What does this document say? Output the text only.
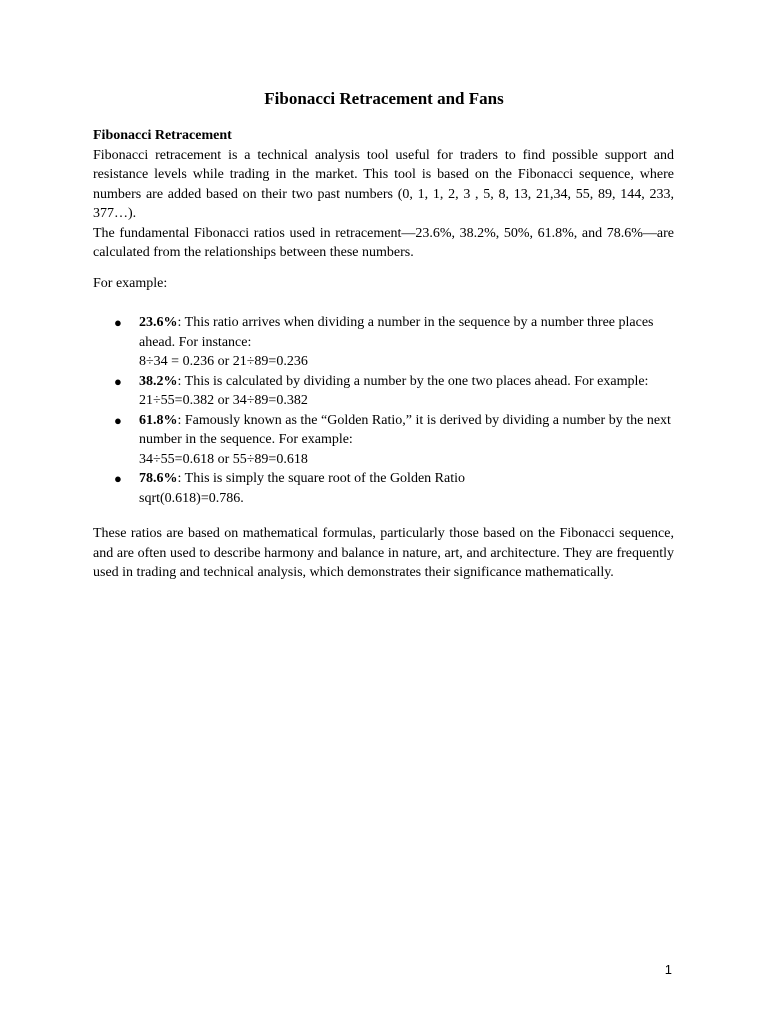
Fibonacci Retracement and Fans

Fibonacci Retracement

Fibonacci retracement is a technical analysis tool useful for traders to find possible support and resistance levels while trading in the market. This tool is based on the Fibonacci sequence, where numbers are added based on their two past numbers (0, 1, 1, 2, 3 , 5, 8, 13, 21,34, 55, 89, 144, 233, 377…).

The fundamental Fibonacci ratios used in retracement—23.6%, 38.2%, 50%, 61.8%, and 78.6%—are calculated from the relationships between these numbers.

For example:

● 23.6%: This ratio arrives when dividing a number in the sequence by a number three places ahead. For instance:
8÷34 = 0.236 or 21÷89=0.236
● 38.2%: This is calculated by dividing a number by the one two places ahead. For example:
21÷55=0.382 or 34÷89=0.382
● 61.8%: Famously known as the “Golden Ratio,” it is derived by dividing a number by the next number in the sequence. For example:
34÷55=0.618 or 55÷89=0.618
● 78.6%: This is simply the square root of the Golden Ratio
sqrt(0.618)=0.786.

These ratios are based on mathematical formulas, particularly those based on the Fibonacci sequence, and are often used to describe harmony and balance in nature, art, and architecture. They are frequently used in trading and technical analysis, which demonstrates their significance mathematically.

1
